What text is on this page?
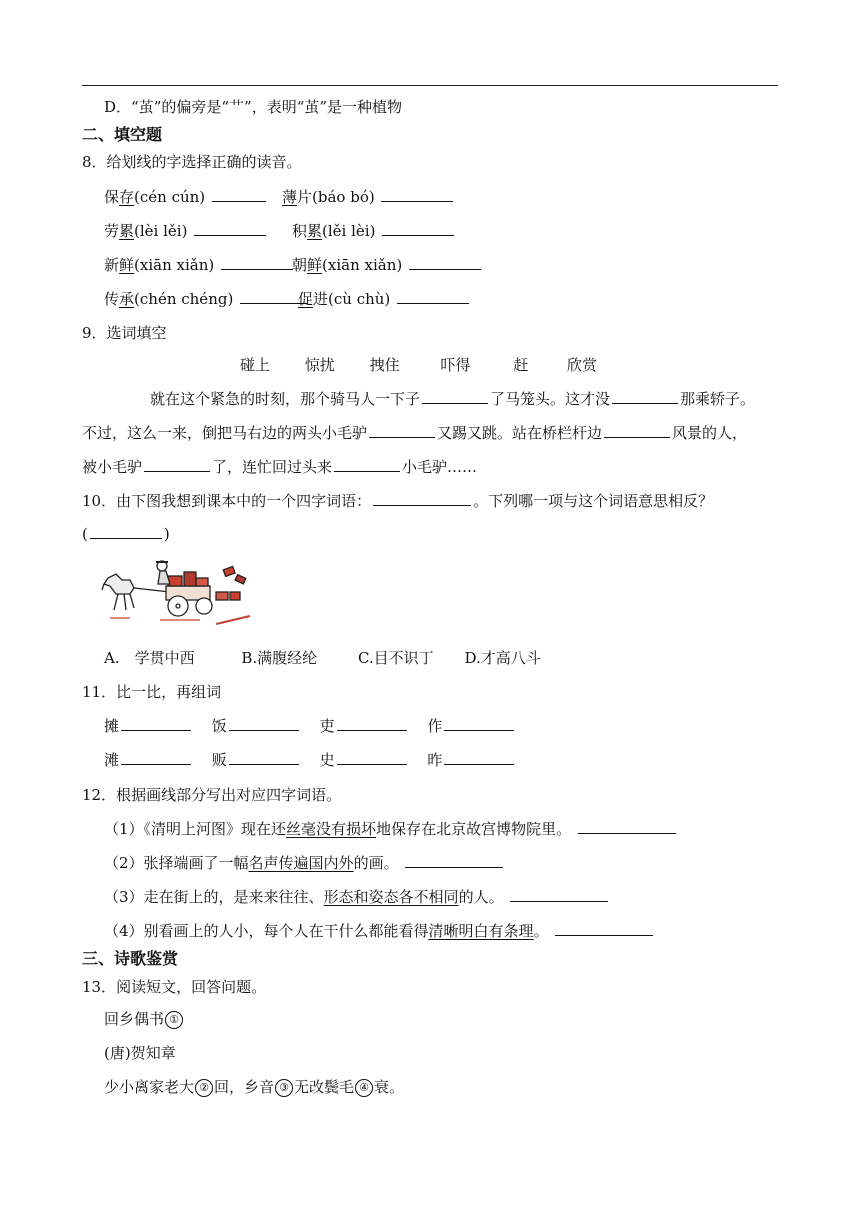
D．“茧”的偏旁是“艹”，表明“茧”是一种植物
二、填空题
8．给划线的字选择正确的读音。
保存(cén cún)	薄片(báo bó)
劳累(lèi lěi)	积累(lěi lèi)
新鲜(xiān xiǎn)	朝鲜(xiān xiǎn)
传承(chén chéng)	促进(cù chù)
9．选词填空
碰上 惊扰 拽住	吓得	赶	欣赏
就在这个紧急的时刻，那个骑马人一下子	了马笼头。这才没	那乘轿子。
不过，这么一来，倒把马右边的两头小毛驴	又踢又跳。站在桥栏杆边	风景的人，
被小毛驴	了，连忙回过头来	小毛驴……
10．由下图我想到课本中的一个四字词语：	。下列哪一项与这个词语意思相反？
(	)
A.　学贯中西	B.满腹经纶	C.目不识丁 D.才高八斗
11．比一比，再组词
摊	饭	吏	作
滩	贩	史	昨
12．根据画线部分写出对应四字词语。
（1）《清明上河图》现在还丝毫没有损坏地保存在北京故宫博物院里。
（2）张择端画了一幅名声传遍国内外的画。
（3）走在街上的，是来来往往、形态和姿态各不相同的人。
（4）别看画上的人小，每个人在干什么都能看得清晰明白有条理。
三、诗歌鉴赏
13．阅读短文，回答问题。
回乡偶书 ①
(唐)贺知章
少小离家老大 ② 回，乡音 ③ 无改鬓毛 ④ 衰。
